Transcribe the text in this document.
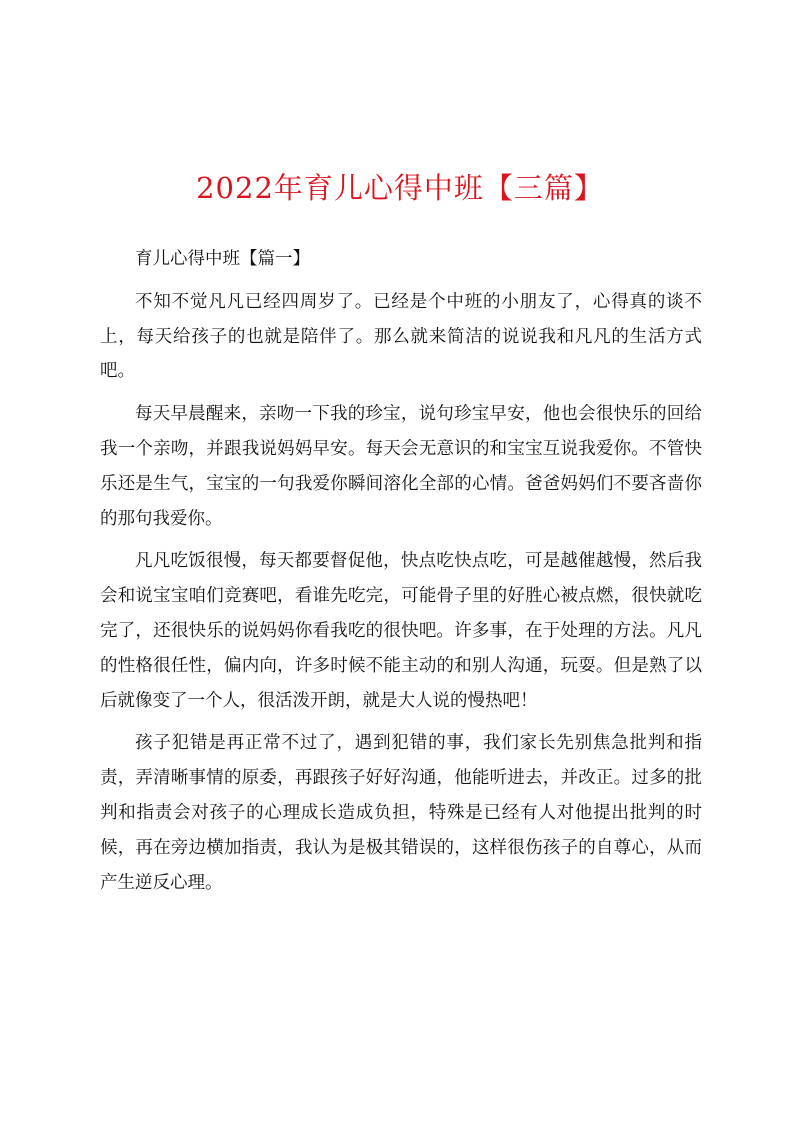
2022年育儿心得中班【三篇】

育儿心得中班【篇一】

不知不觉凡凡已经四周岁了。已经是个中班的小朋友了，心得真的谈不上，每天给孩子的也就是陪伴了。那么就来简洁的说说我和凡凡的生活方式吧。

每天早晨醒来，亲吻一下我的珍宝，说句珍宝早安，他也会很快乐的回给我一个亲吻，并跟我说妈妈早安。每天会无意识的和宝宝互说我爱你。不管快乐还是生气，宝宝的一句我爱你瞬间溶化全部的心情。爸爸妈妈们不要吝啬你的那句我爱你。

凡凡吃饭很慢，每天都要督促他，快点吃快点吃，可是越催越慢，然后我会和说宝宝咱们竞赛吧，看谁先吃完，可能骨子里的好胜心被点燃，很快就吃完了，还很快乐的说妈妈你看我吃的很快吧。许多事，在于处理的方法。凡凡的性格很任性，偏内向，许多时候不能主动的和别人沟通，玩耍。但是熟了以后就像变了一个人，很活泼开朗，就是大人说的慢热吧！

孩子犯错是再正常不过了，遇到犯错的事，我们家长先别焦急批判和指责，弄清晰事情的原委，再跟孩子好好沟通，他能听进去，并改正。过多的批判和指责会对孩子的心理成长造成负担，特殊是已经有人对他提出批判的时候，再在旁边横加指责，我认为是极其错误的，这样很伤孩子的自尊心，从而产生逆反心理。
